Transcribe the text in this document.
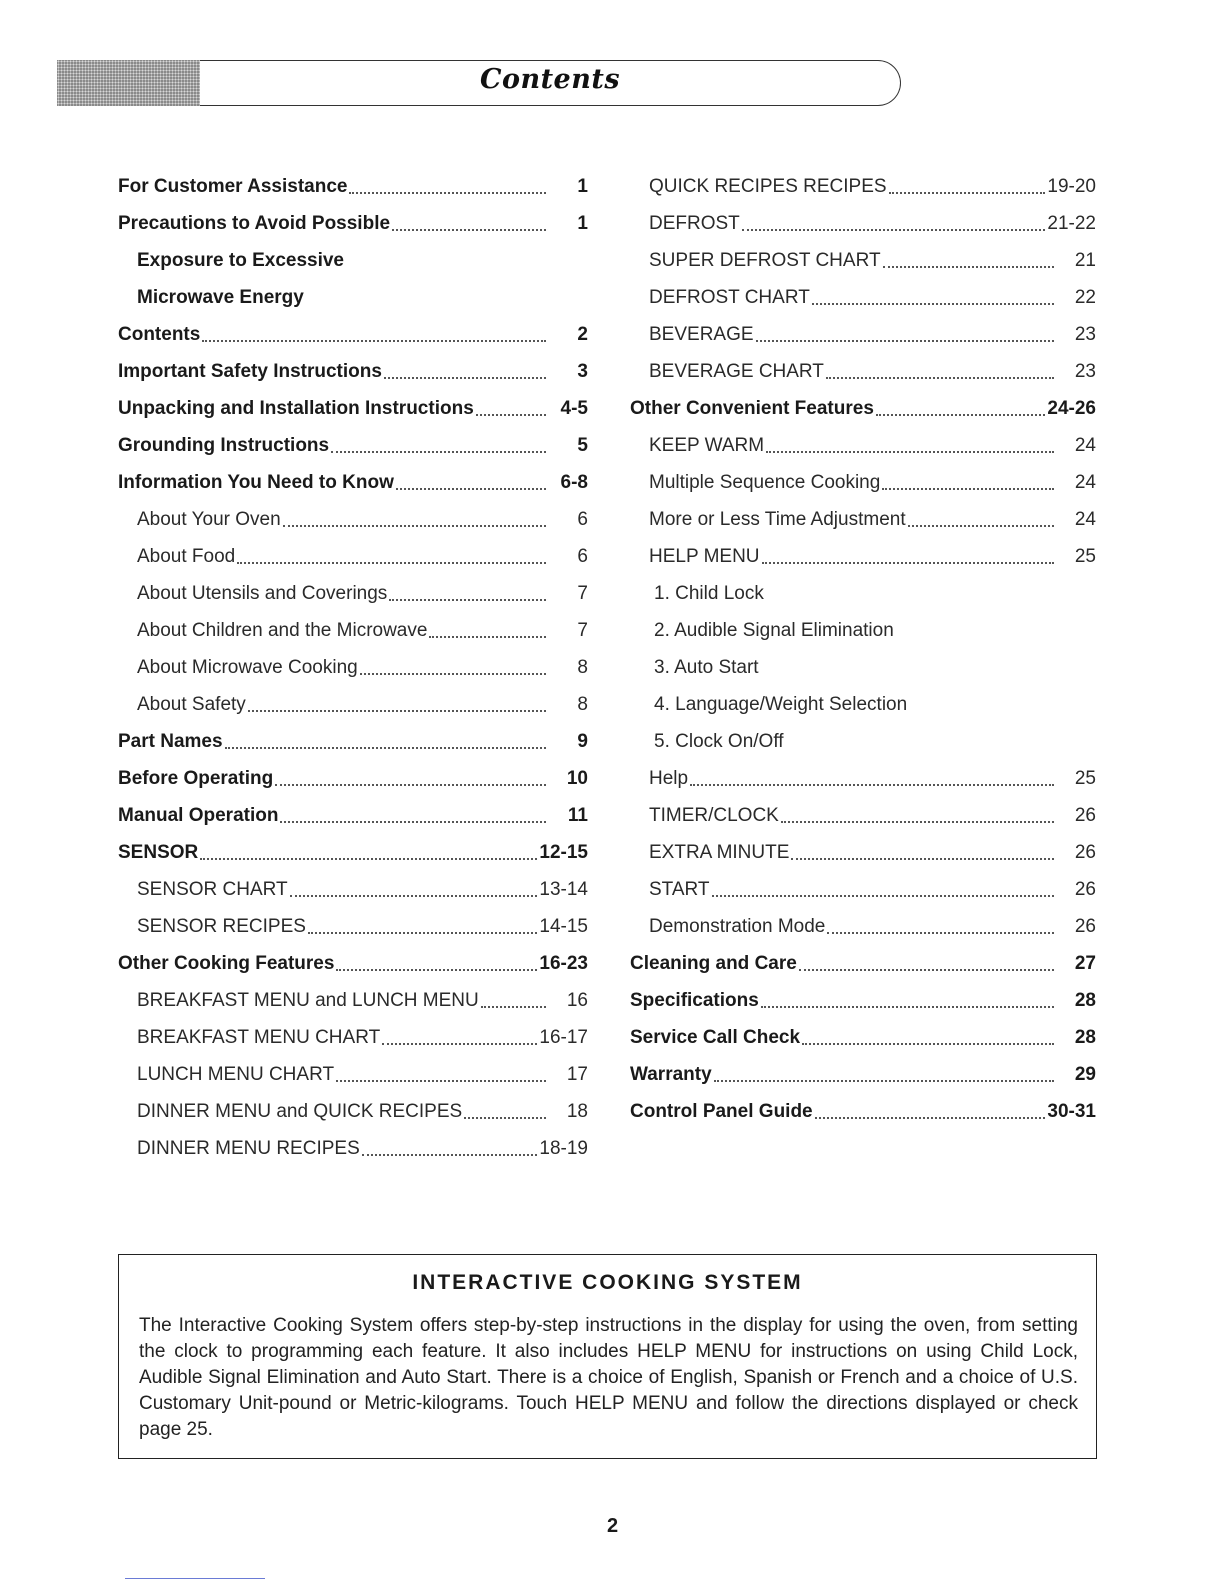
Contents
For Customer Assistance	1
Precautions to Avoid Possible	1
Exposure to Excessive
Microwave Energy
Contents	2
Important Safety Instructions	3
Unpacking and Installation Instructions	4-5
Grounding Instructions	5
Information You Need to Know	6-8
About Your Oven	6
About Food	6
About Utensils and Coverings	7
About Children and the Microwave	7
About Microwave Cooking	8
About Safety	8
Part Names	9
Before Operating	10
Manual Operation	11
SENSOR	12-15
SENSOR CHART	13-14
SENSOR RECIPES	14-15
Other Cooking Features	16-23
BREAKFAST MENU and LUNCH MENU	16
BREAKFAST MENU CHART	16-17
LUNCH MENU CHART	17
DINNER MENU and QUICK RECIPES	18
DINNER MENU RECIPES	18-19
QUICK RECIPES RECIPES	19-20
DEFROST	21-22
SUPER DEFROST CHART	21
DEFROST CHART	22
BEVERAGE	23
BEVERAGE CHART	23
Other Convenient Features	24-26
KEEP WARM	24
Multiple Sequence Cooking	24
More or Less Time Adjustment	24
HELP MENU	25
1. Child Lock
2. Audible Signal Elimination
3. Auto Start
4. Language/Weight Selection
5. Clock On/Off
Help	25
TIMER/CLOCK	26
EXTRA MINUTE	26
START	26
Demonstration Mode	26
Cleaning and Care	27
Specifications	28
Service Call Check	28
Warranty	29
Control Panel Guide	30-31
INTERACTIVE COOKING SYSTEM
The Interactive Cooking System offers step-by-step instructions in the display for using the oven, from setting the clock to programming each feature. It also includes HELP MENU for instructions on using Child Lock, Audible Signal Elimination and Auto Start. There is a choice of English, Spanish or French and a choice of U.S. Customary Unit-pound or Metric-kilograms. Touch HELP MENU and follow the directions displayed or check page 25.
2
